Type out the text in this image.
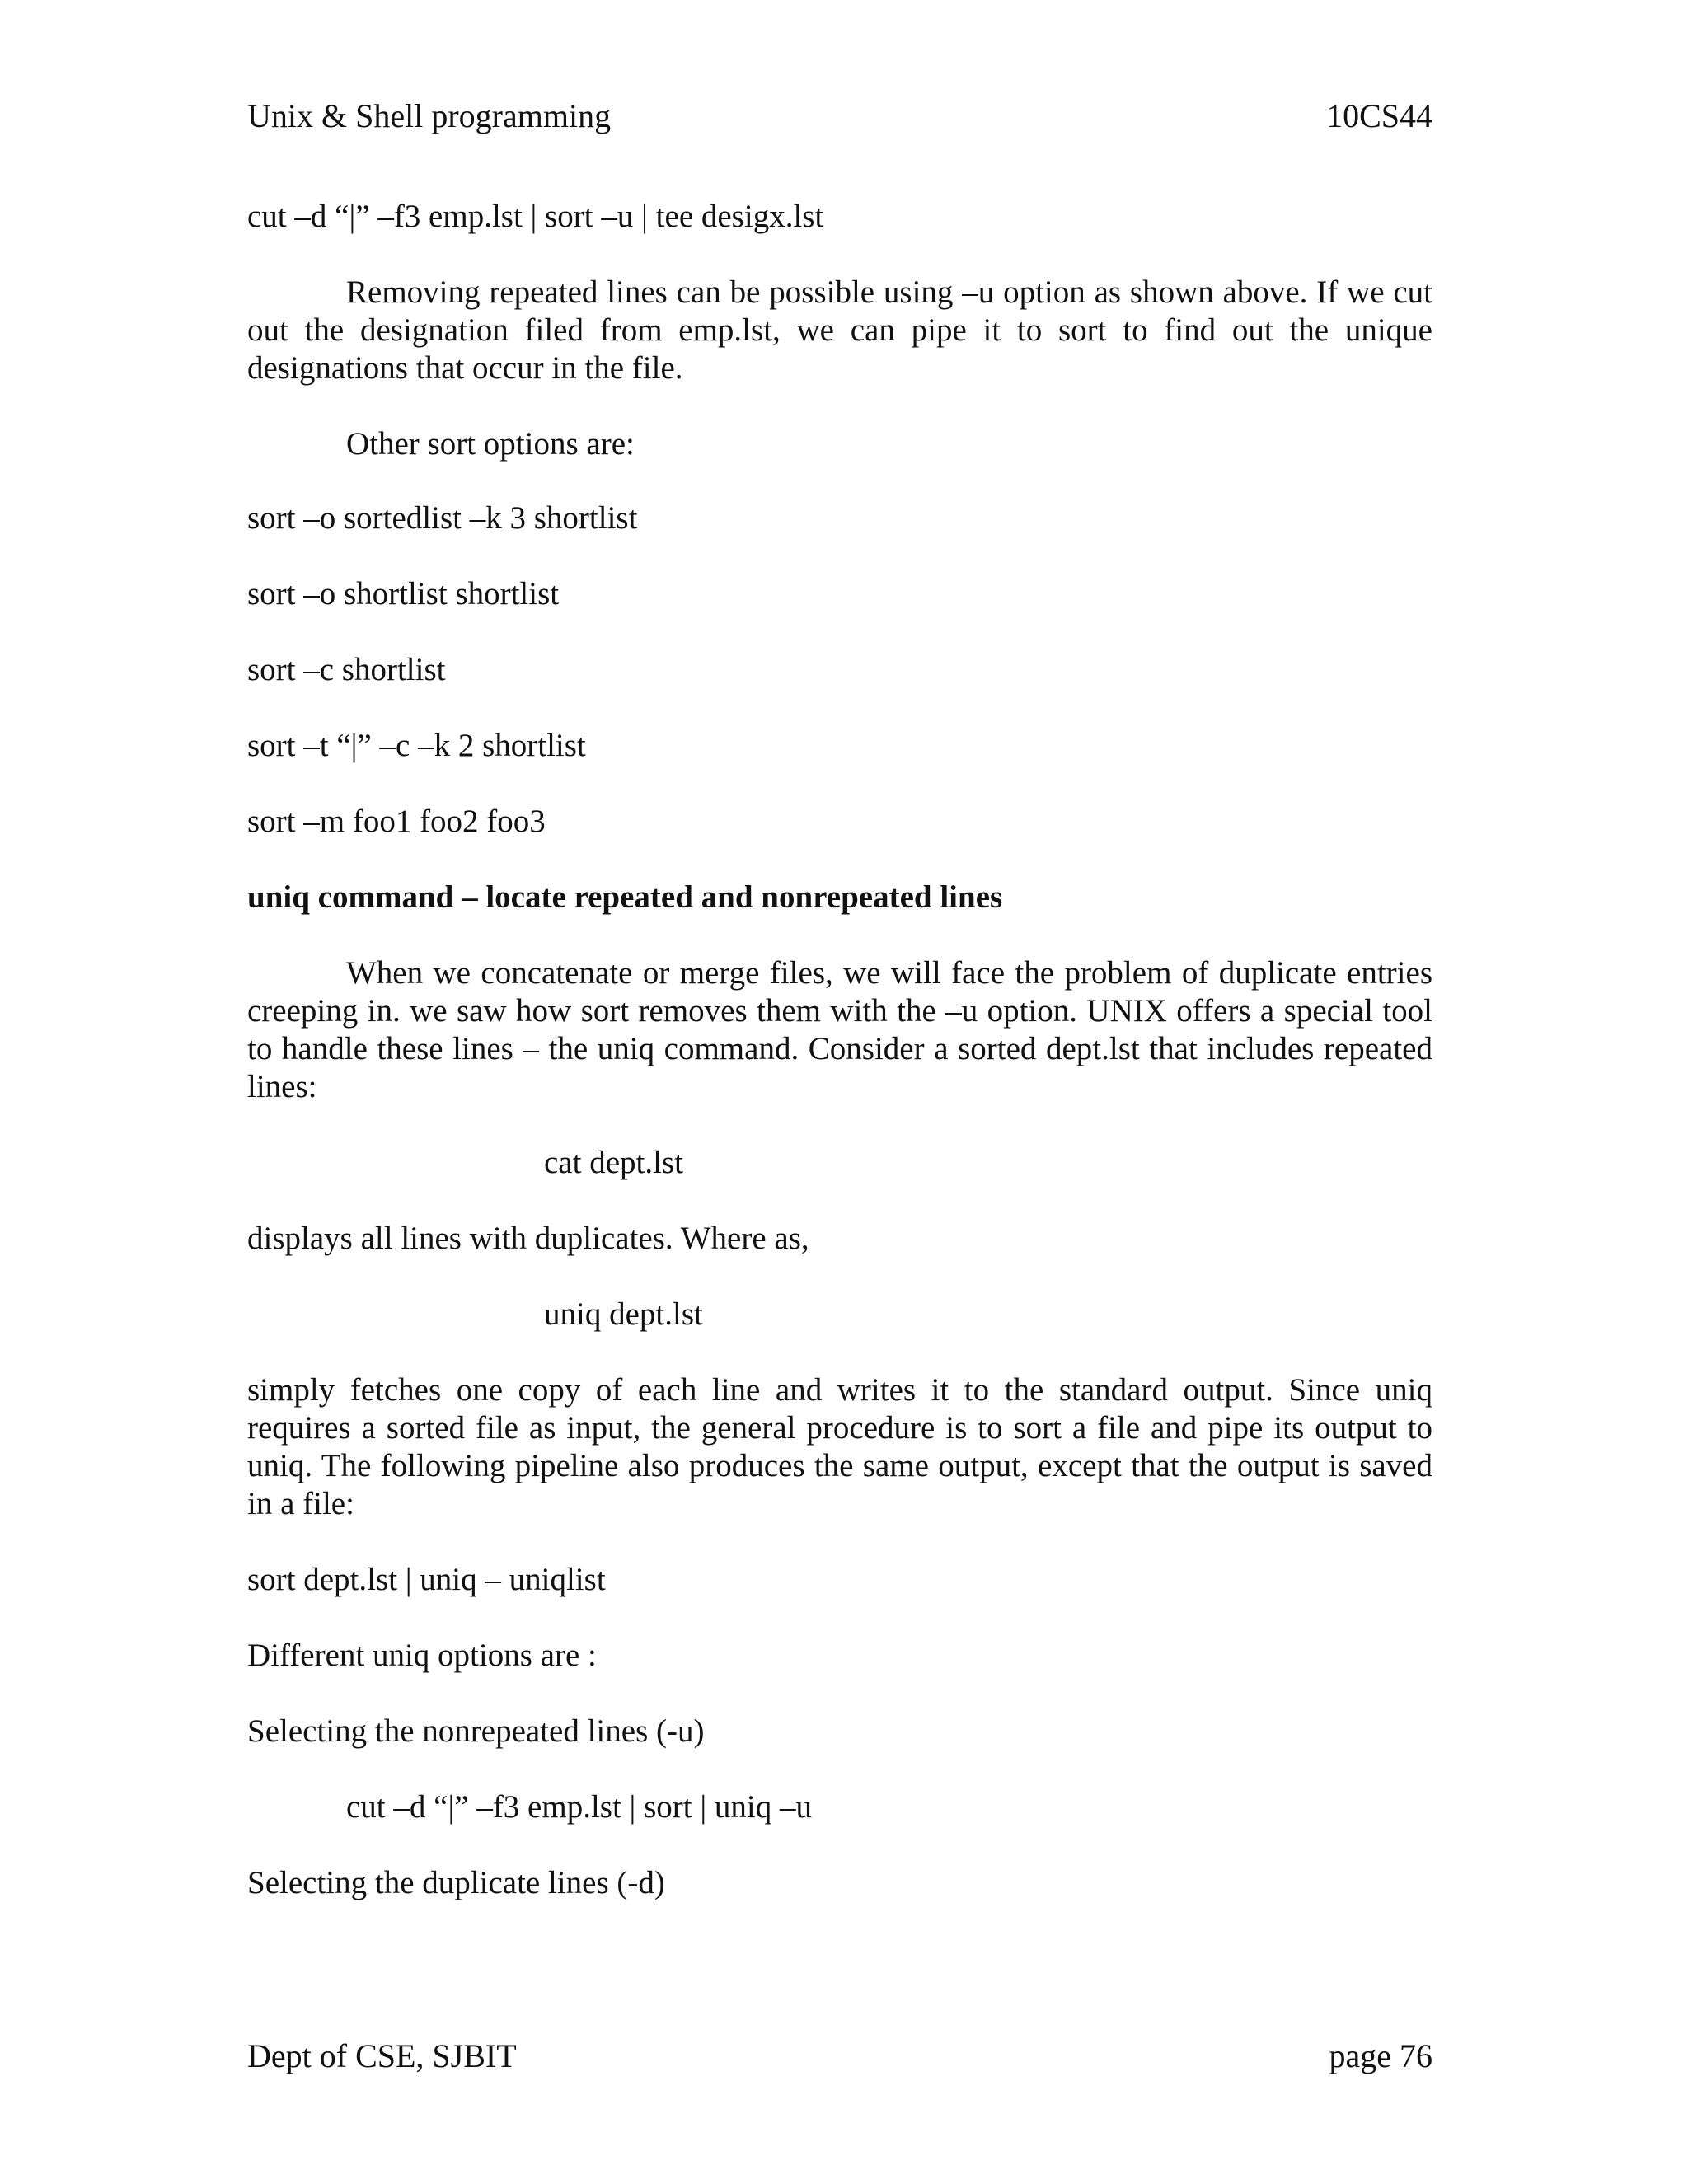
Unix & Shell programming	10CS44
cut –d “|” –f3 emp.lst | sort –u | tee desigx.lst

Removing repeated lines can be possible using –u option as shown above. If we cut out the designation filed from emp.lst, we can pipe it to sort to find out the unique designations that occur in the file.

Other sort options are:
sort –o sortedlist –k 3 shortlist
sort –o shortlist shortlist
sort –c shortlist
sort –t “|” –c –k 2 shortlist
sort –m foo1 foo2 foo3
uniq command – locate repeated and nonrepeated lines

When we concatenate or merge files, we will face the problem of duplicate entries creeping in. we saw how sort removes them with the –u option. UNIX offers a special tool to handle these lines – the uniq command. Consider a sorted dept.lst that includes repeated lines:

cat dept.lst
displays all lines with duplicates. Where as,
uniq dept.lst

simply fetches one copy of each line and writes it to the standard output. Since uniq requires a sorted file as input, the general procedure is to sort a file and pipe its output to uniq. The following pipeline also produces the same output, except that the output is saved in a file:

sort dept.lst | uniq – uniqlist
Different uniq options are :
Selecting the nonrepeated lines (-u)
cut –d “|” –f3 emp.lst | sort | uniq –u
Selecting the duplicate lines (-d)
Dept of CSE, SJBIT	page 76
